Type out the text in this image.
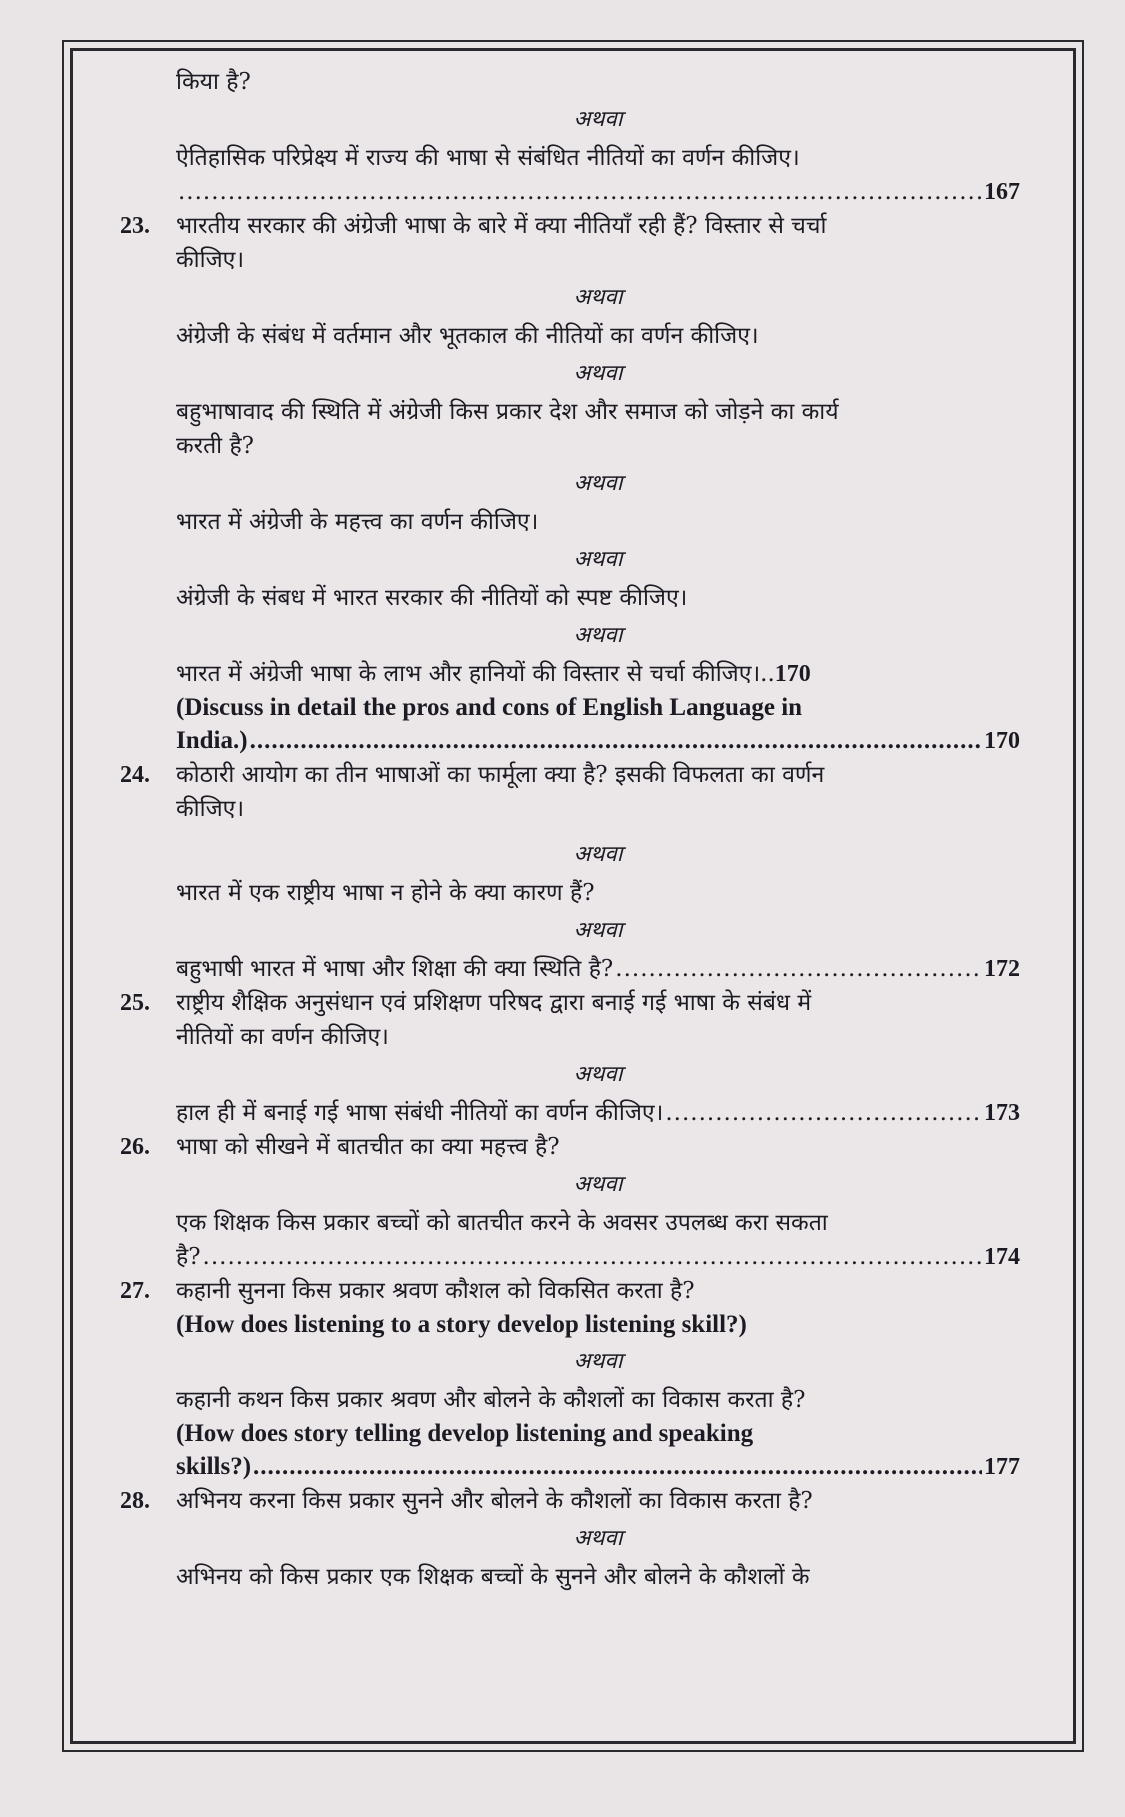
किया है?
अथवा
ऐतिहासिक परिप्रेक्ष्य में राज्य की भाषा से संबंधित नीतियों का वर्णन कीजिए।
.....
167
23.	भारतीय सरकार की अंग्रेजी भाषा के बारे में क्या नीतियाँ रही हैं? विस्तार से चर्चा
कीजिए।
अथवा
अंग्रेजी के संबंध में वर्तमान और भूतकाल की नीतियों का वर्णन कीजिए।
अथवा
बहुभाषावाद की स्थिति में अंग्रेजी किस प्रकार देश और समाज को जोड़ने का कार्य
करती है?
अथवा
भारत में अंग्रेजी के महत्त्व का वर्णन कीजिए।
अथवा
अंग्रेजी के संबध में भारत सरकार की नीतियों को स्पष्ट कीजिए।
अथवा
भारत में अंग्रेजी भाषा के लाभ और हानियों की विस्तार से चर्चा कीजिए।.. 170
(Discuss in detail the pros and cons of English Language in
India.) .....	170
24.	कोठारी आयोग का तीन भाषाओं का फार्मूला क्या है? इसकी विफलता का वर्णन
कीजिए।
अथवा
भारत में एक राष्ट्रीय भाषा न होने के क्या कारण हैं?
अथवा
बहुभाषी भारत में भाषा और शिक्षा की क्या स्थिति है? .....	172
25.	राष्ट्रीय शैक्षिक अनुसंधान एवं प्रशिक्षण परिषद द्वारा बनाई गई भाषा के संबंध में
नीतियों का वर्णन कीजिए।
अथवा
हाल ही में बनाई गई भाषा संबंधी नीतियों का वर्णन कीजिए। .....	173
26.	भाषा को सीखने में बातचीत का क्या महत्त्व है?
अथवा
एक शिक्षक किस प्रकार बच्चों को बातचीत करने के अवसर उपलब्ध करा सकता
है? .....	174
27.	कहानी सुनना किस प्रकार श्रवण कौशल को विकसित करता है?
(How does listening to a story develop listening skill?)
अथवा
कहानी कथन किस प्रकार श्रवण और बोलने के कौशलों का विकास करता है?
(How does story telling develop listening and speaking
skills?) .....	177
28.	अभिनय करना किस प्रकार सुनने और बोलने के कौशलों का विकास करता है?
अथवा
अभिनय को किस प्रकार एक शिक्षक बच्चों के सुनने और बोलने के कौशलों के
